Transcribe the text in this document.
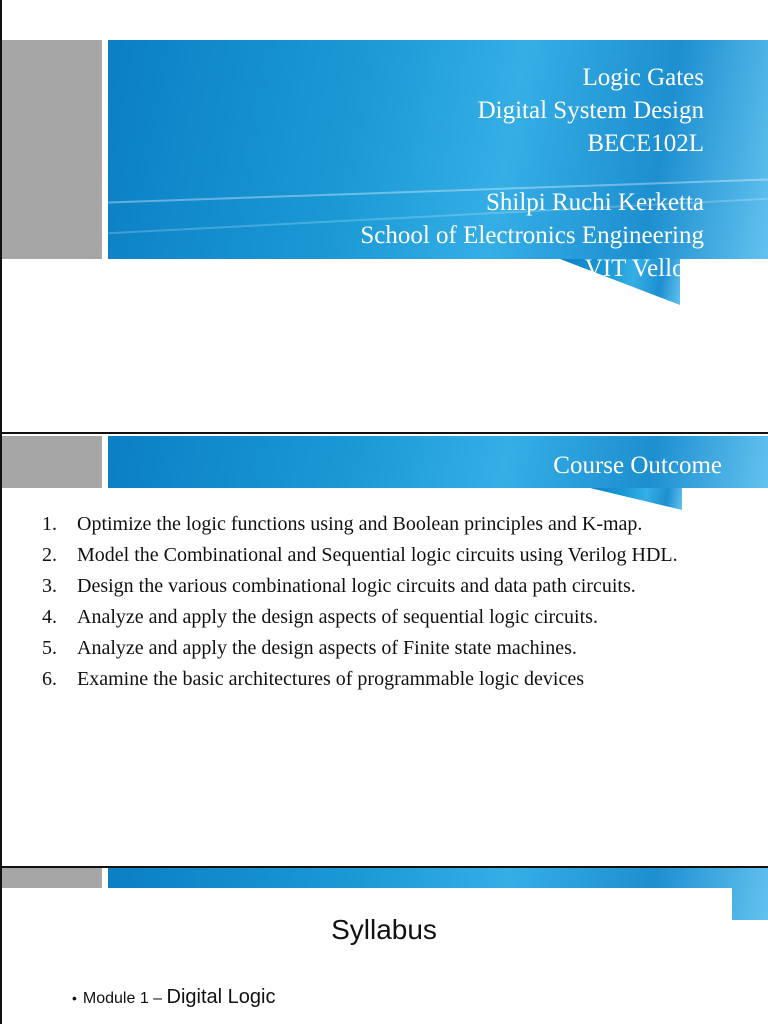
Logic Gates
Digital System Design
BECE102L
Shilpi Ruchi Kerketta
School of Electronics Engineering
VIT Vellore
Course Outcome
1. Optimize the logic functions using and Boolean principles and K-map.
2. Model the Combinational and Sequential logic circuits using Verilog HDL.
3. Design the various combinational logic circuits and data path circuits.
4. Analyze and apply the design aspects of sequential logic circuits.
5. Analyze and apply the design aspects of Finite state machines.
6. Examine the basic architectures of programmable logic devices
Syllabus
• Module 1 – Digital Logic
